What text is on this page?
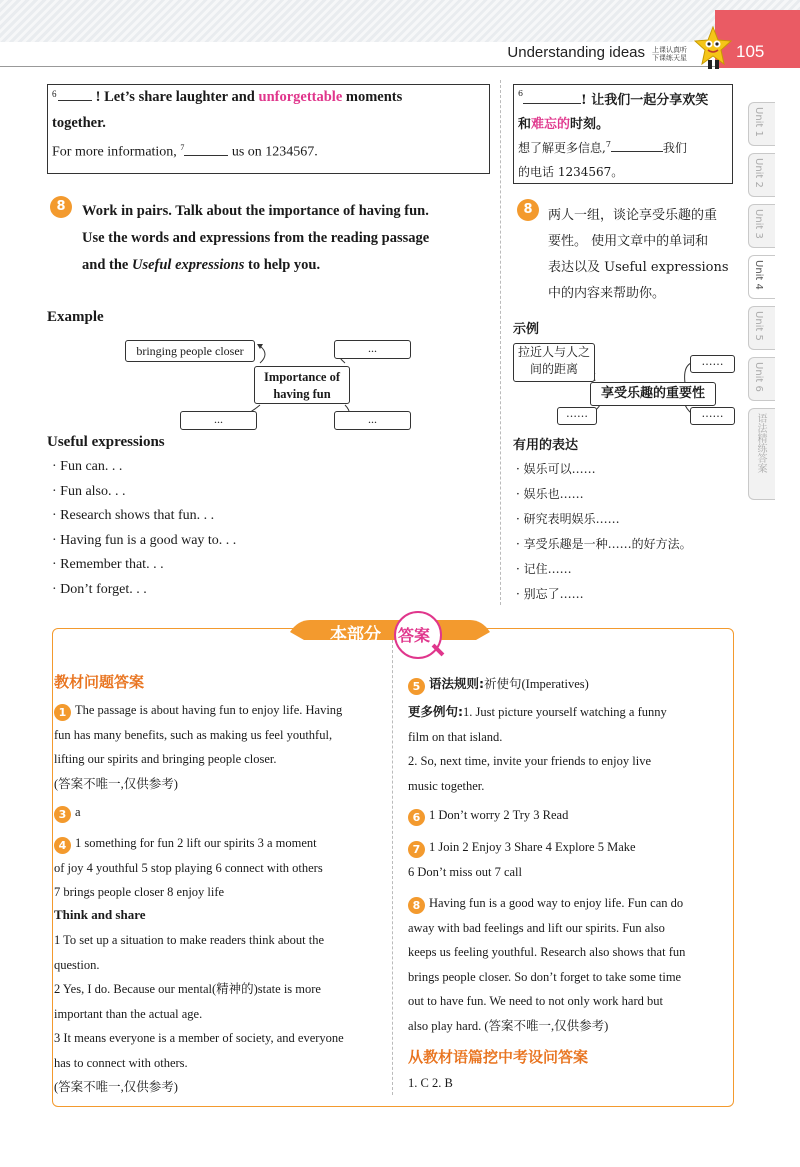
Understanding ideas 上课认真听
下课练天星	105
Unit 1
Unit 2
Unit 3
Unit 4
Unit 5
Unit 6
语法精练答案
6	! Let’s share laughter and unforgettable moments
together.
For more information, $^7$	us on 1234567.
6	! 让我们一起分享欢笑
和难忘的时刻。
想了解更多信息,$^7$	我们
的电话 1234567。
8	Work in pairs. Talk about the importance of having fun.
Use the words and expressions from the reading passage
and the Useful expressions to help you.
8	两人一组，谈论享受乐趣的重
要性。 使用文章中的单词和
表达以及 Useful expressions
中的内容来帮助你。
Example
bringing people closer	...
Importance of having fun
...	...
示例
拉近人与人之间的距离
……
享受乐趣的重要性
……	……
Useful expressions
· Fun can. . .
· Fun also. . .
· Research shows that fun. . .
· Having fun is a good way to. . .
· Remember that. . .
· Don’t forget. . .
有用的表达
· 娱乐可以……
· 娱乐也……
· 研究表明娱乐……
· 享受乐趣是一种……的好方法。
· 记住……
· 别忘了……
本部分 答案
教材问题答案
1 The passage is about having fun to enjoy life. Having
fun has many benefits, such as making us feel youthful,
lifting our spirits and bringing people closer.
(答案不唯一,仅供参考)
3 a
4 1 something for fun 2 lift our spirits 3 a moment
of joy 4 youthful 5 stop playing 6 connect with others
7 brings people closer 8 enjoy life
Think and share
1 To set up a situation to make readers think about the
question.
2 Yes, I do. Because our mental(精神的)state is more
important than the actual age.
3 It means everyone is a member of society, and everyone
has to connect with others.
(答案不唯一,仅供参考)
5 语法规则:祈使句(Imperatives)
更多例句:1. Just picture yourself watching a funny
film on that island.
2. So, next time, invite your friends to enjoy live
music together.
6 1 Don’t worry 2 Try 3 Read
7 1 Join 2 Enjoy 3 Share 4 Explore 5 Make
6 Don’t miss out 7 call
8 Having fun is a good way to enjoy life. Fun can do
away with bad feelings and lift our spirits. Fun also
keeps us feeling youthful. Research also shows that fun
brings people closer. So don’t forget to take some time
out to have fun. We need to not only work hard but
also play hard. (答案不唯一,仅供参考)
从教材语篇挖中考设问答案
1. C 2. B
